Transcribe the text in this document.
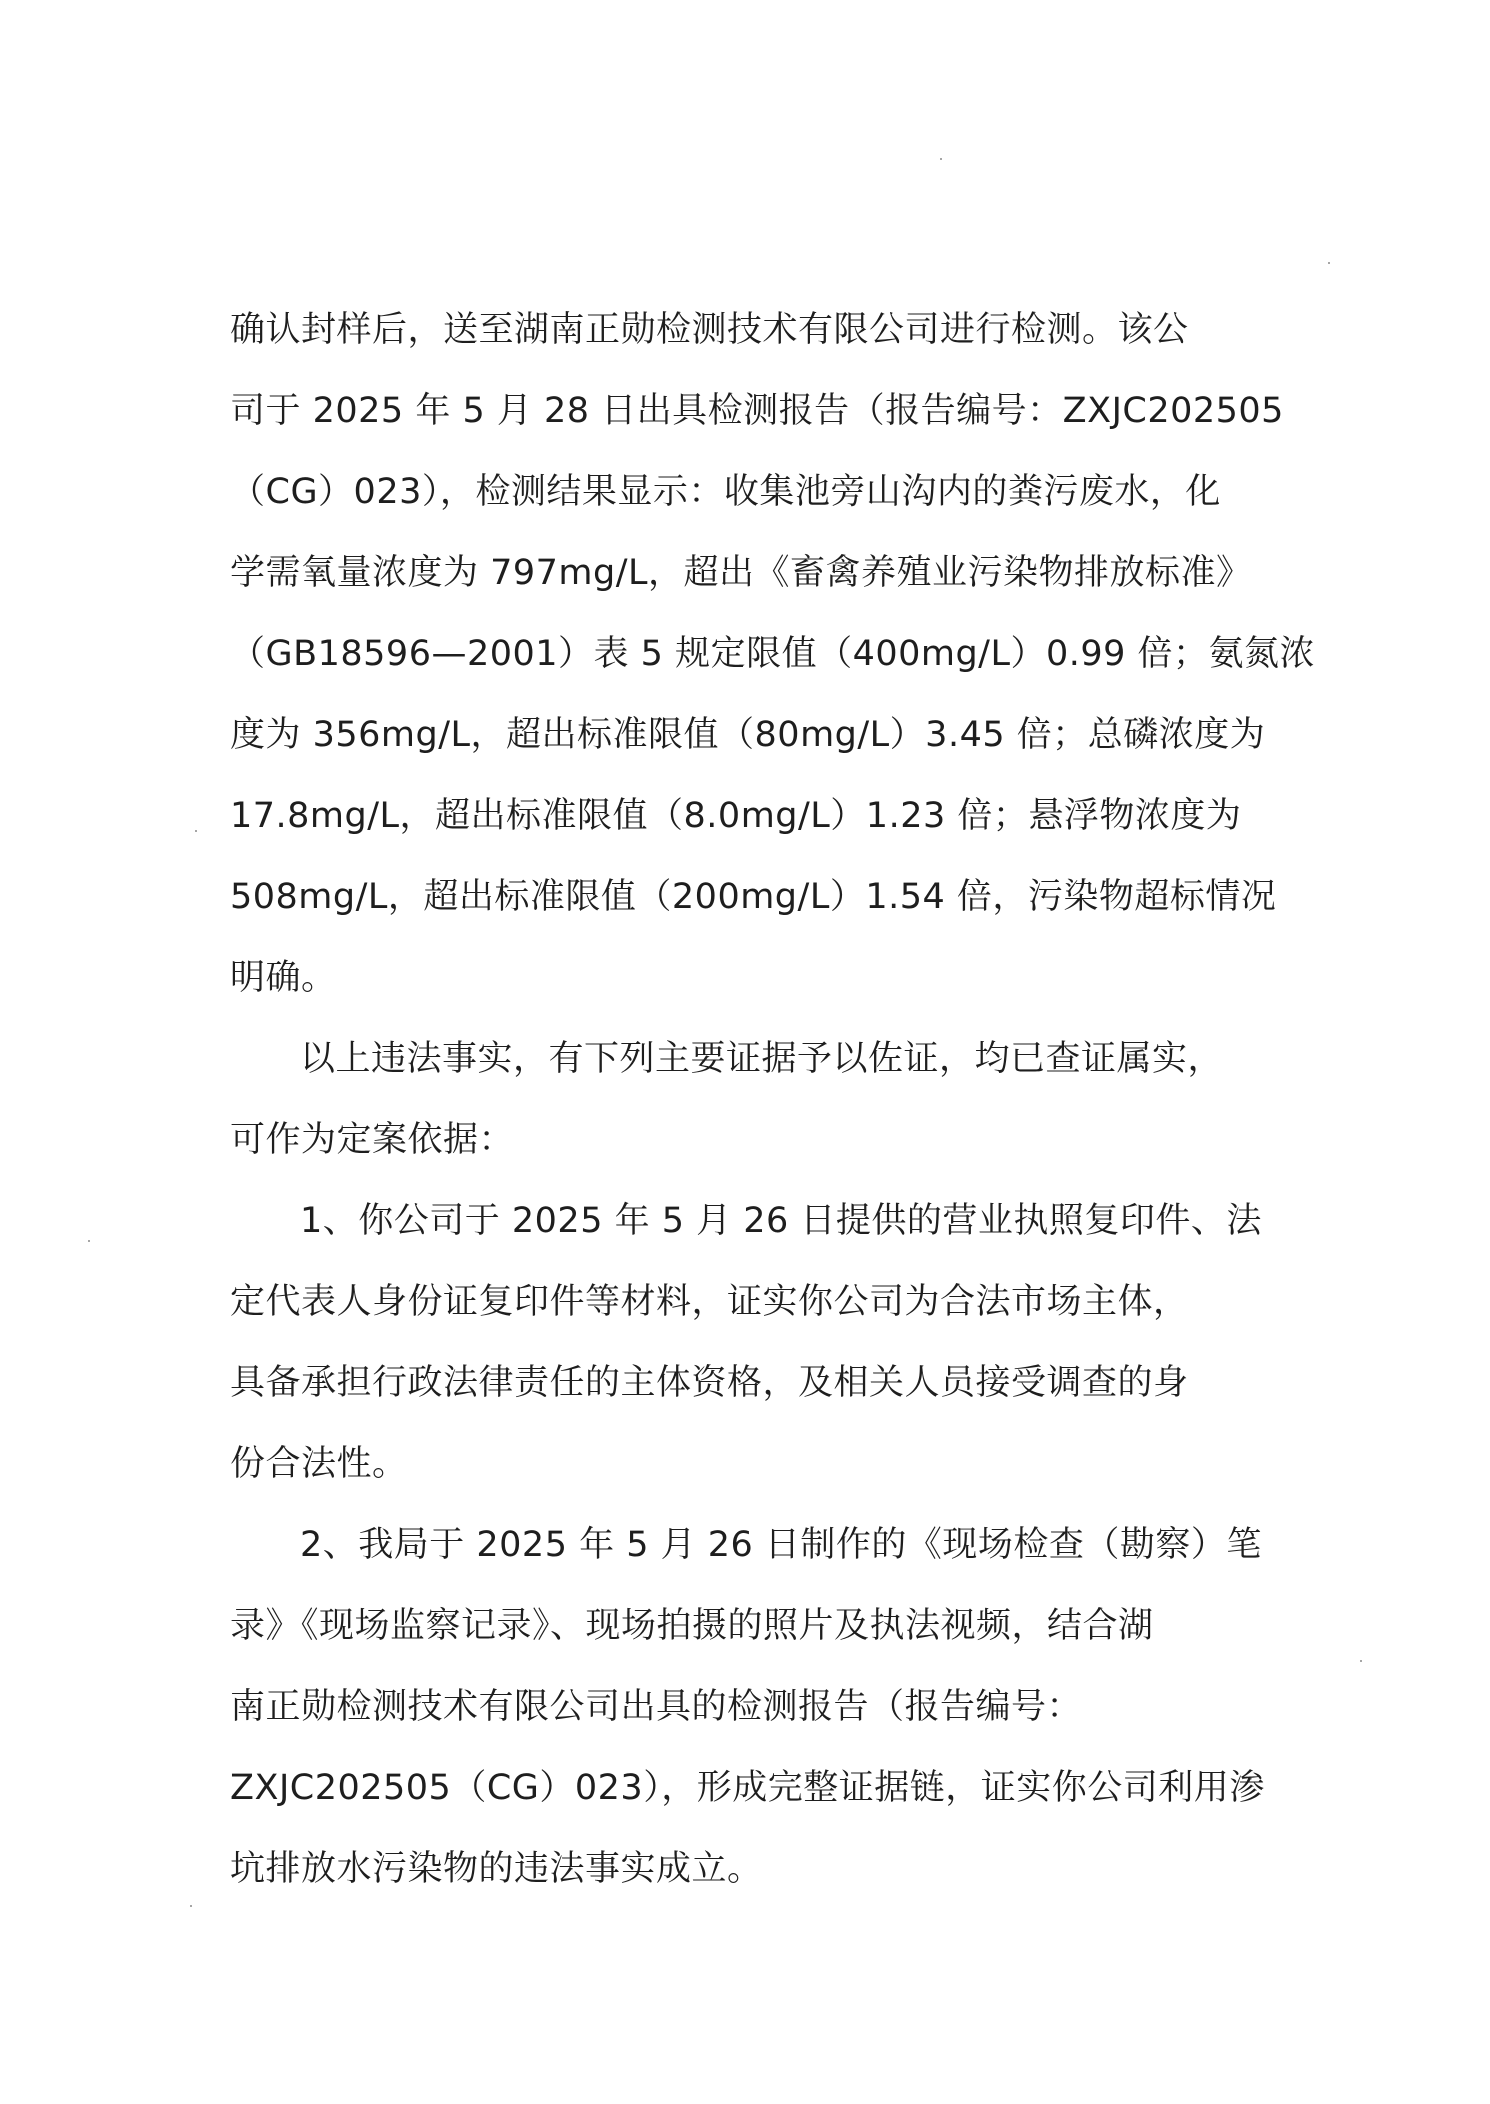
确认封样后，送至湖南正勋检测技术有限公司进行检测。该公
司于 2025 年 5 月 28 日出具检测报告（报告编号：ZXJC202505
（CG）023），检测结果显示：收集池旁山沟内的粪污废水，化
学需氧量浓度为 797mg/L，超出《畜禽养殖业污染物排放标准》
（GB18596—2001）表 5 规定限值（400mg/L）0.99 倍；氨氮浓
度为 356mg/L，超出标准限值（80mg/L）3.45 倍；总磷浓度为
17.8mg/L，超出标准限值（8.0mg/L）1.23 倍；悬浮物浓度为
508mg/L，超出标准限值（200mg/L）1.54 倍，污染物超标情况
明确。
以上违法事实，有下列主要证据予以佐证，均已查证属实，
可作为定案依据：
1、你公司于 2025 年 5 月 26 日提供的营业执照复印件、法
定代表人身份证复印件等材料，证实你公司为合法市场主体，
具备承担行政法律责任的主体资格，及相关人员接受调查的身
份合法性。
2、我局于 2025 年 5 月 26 日制作的《现场检查（勘察）笔
录》《现场监察记录》、现场拍摄的照片及执法视频，结合湖
南正勋检测技术有限公司出具的检测报告（报告编号：
ZXJC202505（CG）023），形成完整证据链，证实你公司利用渗
坑排放水污染物的违法事实成立。
